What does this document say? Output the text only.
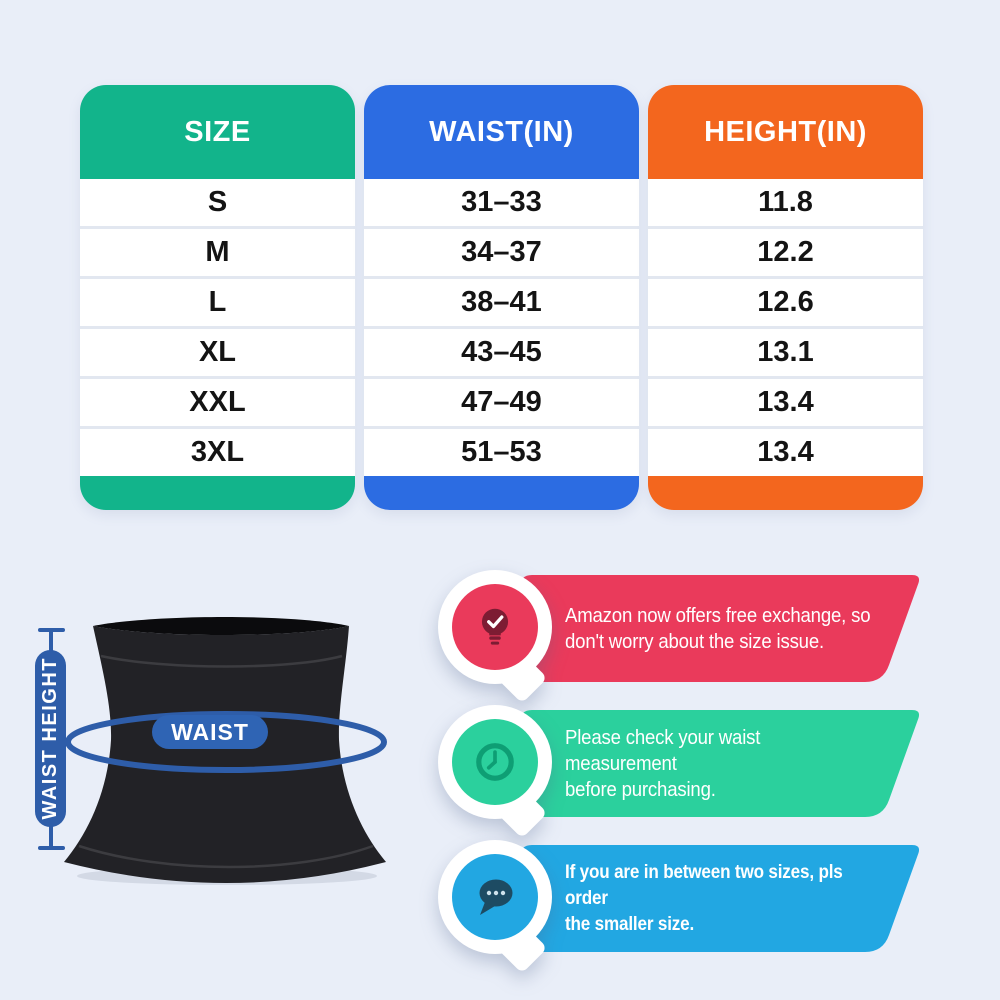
SIZE
S
M
L
XL
XXL
3XL
WAIST(IN)
31–33
34–37
38–41
43–45
47–49
51–53
HEIGHT(IN)
11.8
12.2
12.6
13.1
13.4
13.4
WAIST
WAIST HEIGHT
Amazon now offers free exchange, so
don't worry about the size issue.
Please check your waist measurement
before purchasing.
If you are in between two sizes, pls order
the smaller size.
